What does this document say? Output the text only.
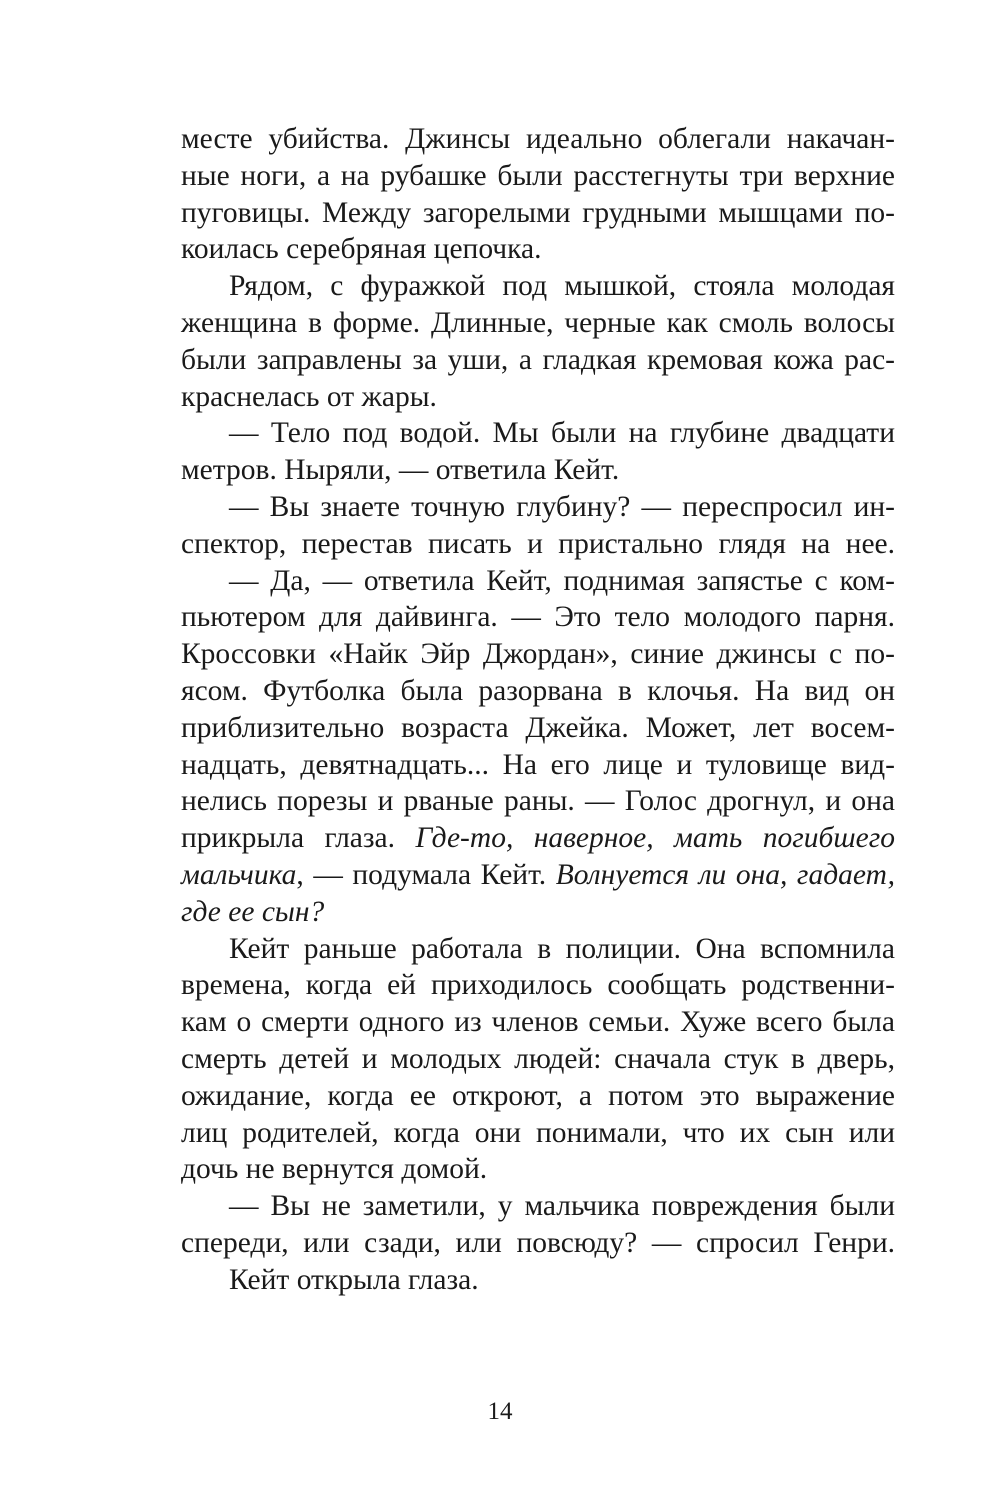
месте убийства. Джинсы идеально облегали накачан-
ные ноги, а на рубашке были расстегнуты три верхние
пуговицы. Между загорелыми грудными мышцами по-
коилась серебряная цепочка.
Рядом, с фуражкой под мышкой, стояла молодая
женщина в форме. Длинные, черные как смоль волосы
были заправлены за уши, а гладкая кремовая кожа рас-
краснелась от жары.
— Тело под водой. Мы были на глубине двадцати
метров. Ныряли, — ответила Кейт.
— Вы знаете точную глубину? — переспросил ин-
спектор, перестав писать и пристально глядя на нее.
— Да, — ответила Кейт, поднимая запястье с ком-
пьютером для дайвинга. — Это тело молодого парня.
Кроссовки «Найк Эйр Джордан», синие джинсы с по-
ясом. Футболка была разорвана в клочья. На вид он
приблизительно возраста Джейка. Может, лет восем-
надцать, девятнадцать... На его лице и туловище вид-
нелись порезы и рваные раны. — Голос дрогнул, и она
прикрыла глаза. Где-то, наверное, мать погибшего
мальчика, — подумала Кейт. Волнуется ли она, гадает,
где ее сын?
Кейт раньше работала в полиции. Она вспомнила
времена, когда ей приходилось сообщать родственни-
кам о смерти одного из членов семьи. Хуже всего была
смерть детей и молодых людей: сначала стук в дверь,
ожидание, когда ее откроют, а потом это выражение
лиц родителей, когда они понимали, что их сын или
дочь не вернутся домой.
— Вы не заметили, у мальчика повреждения были
спереди, или сзади, или повсюду? — спросил Генри.
Кейт открыла глаза.
14
